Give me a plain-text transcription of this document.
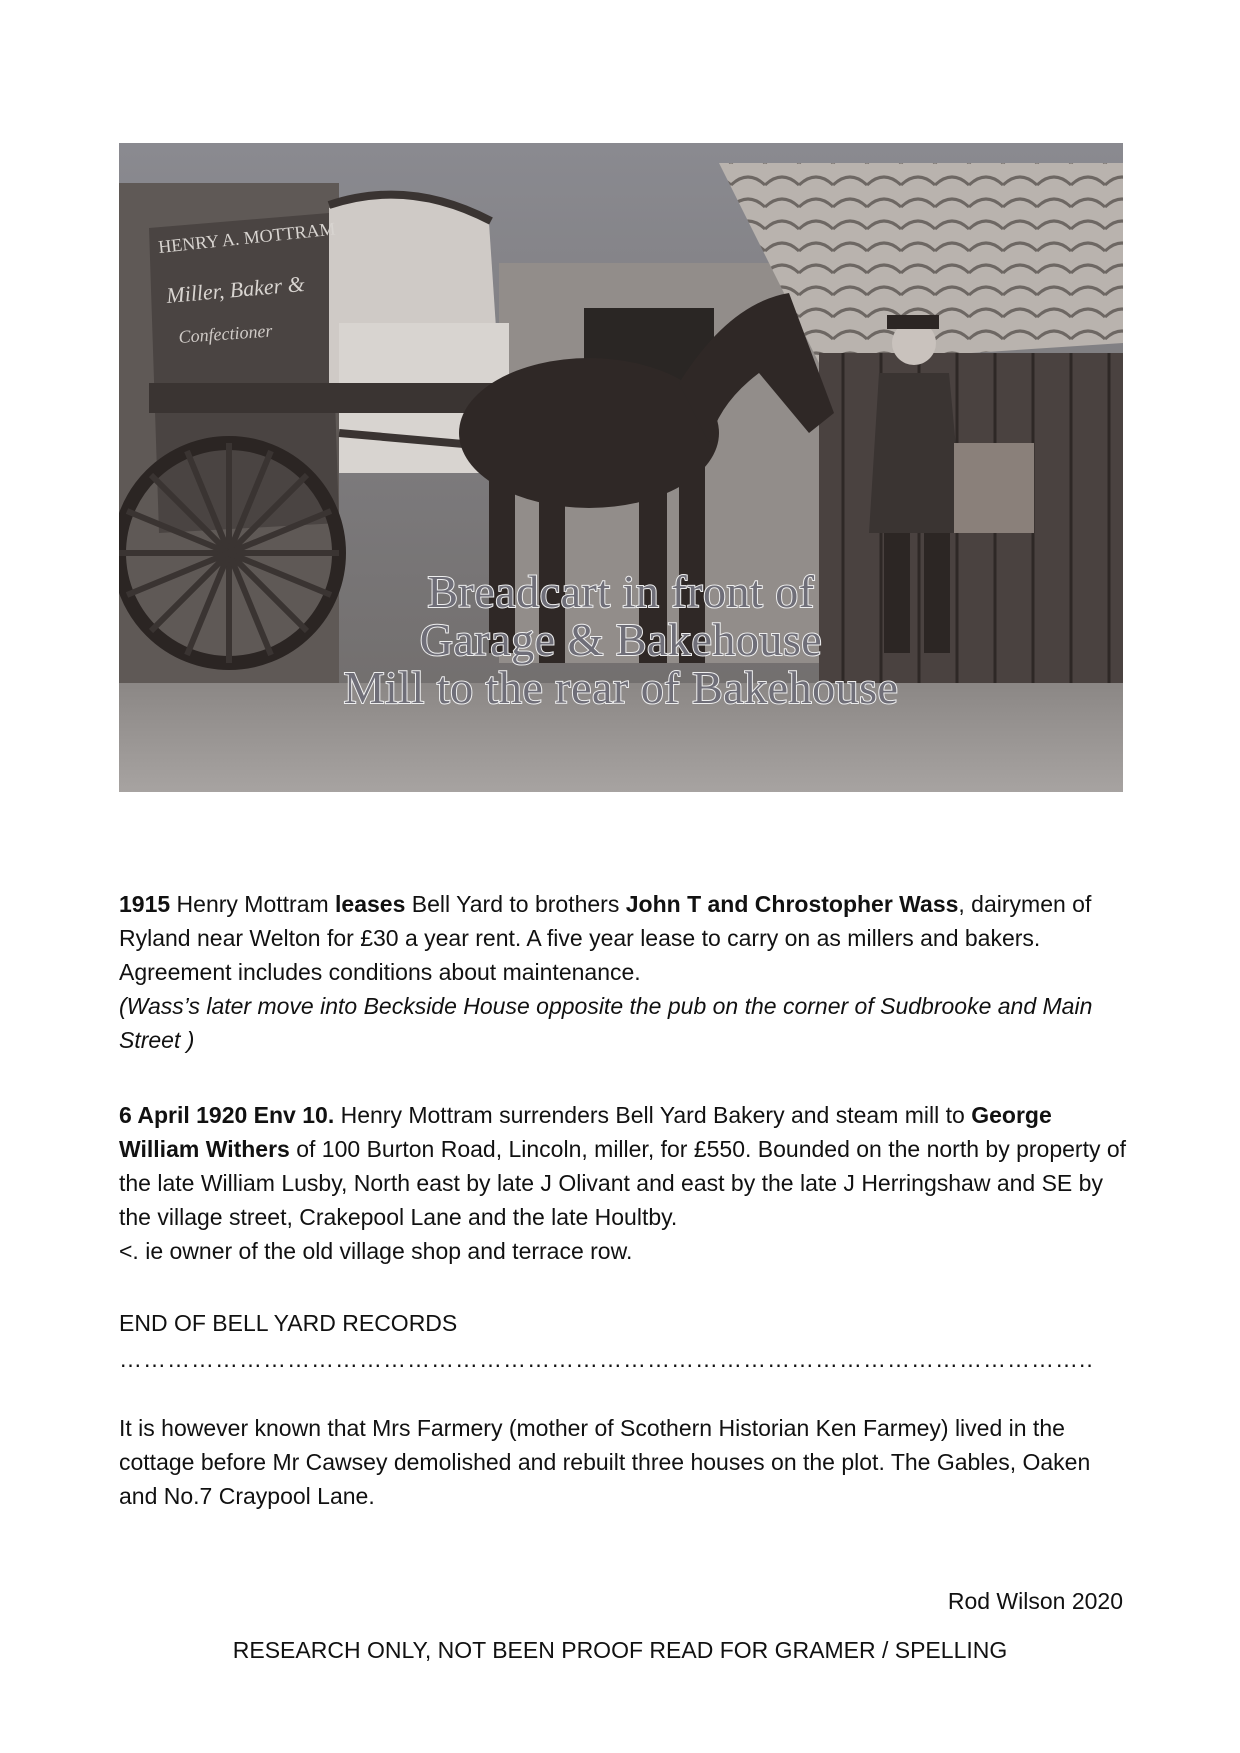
HENRY A. MOTTRAM
Miller, Baker &
Confectioner
Breadcart in front of
Garage & Bakehouse
Mill to the rear of Bakehouse

1915 Henry Mottram leases Bell Yard to brothers John T and Chrostopher Wass, dairymen of Ryland near Welton for £30 a year rent. A five year lease to carry on as millers and bakers. Agreement includes conditions about maintenance.

(Wass’s later move into Beckside House opposite the pub on the corner of Sudbrooke and Main Street )

6 April 1920 Env 10. Henry Mottram surrenders Bell Yard Bakery and steam mill to George William Withers of 100 Burton Road, Lincoln, miller, for £550. Bounded on the north by property of the late William Lusby, North east by late J Olivant and east by the late J Herringshaw and SE by the village street, Crakepool Lane and the late Houltby.

<. ie owner of the old village shop and terrace row.

END OF BELL YARD RECORDS
…………………………………………………………………………………………………………..
It is however known that Mrs Farmery (mother of Scothern Historian Ken Farmey) lived in the cottage before Mr Cawsey demolished and rebuilt three houses on the plot. The Gables, Oaken and No.7 Craypool Lane.
Rod Wilson 2020
RESEARCH ONLY, NOT BEEN PROOF READ FOR GRAMER / SPELLING
